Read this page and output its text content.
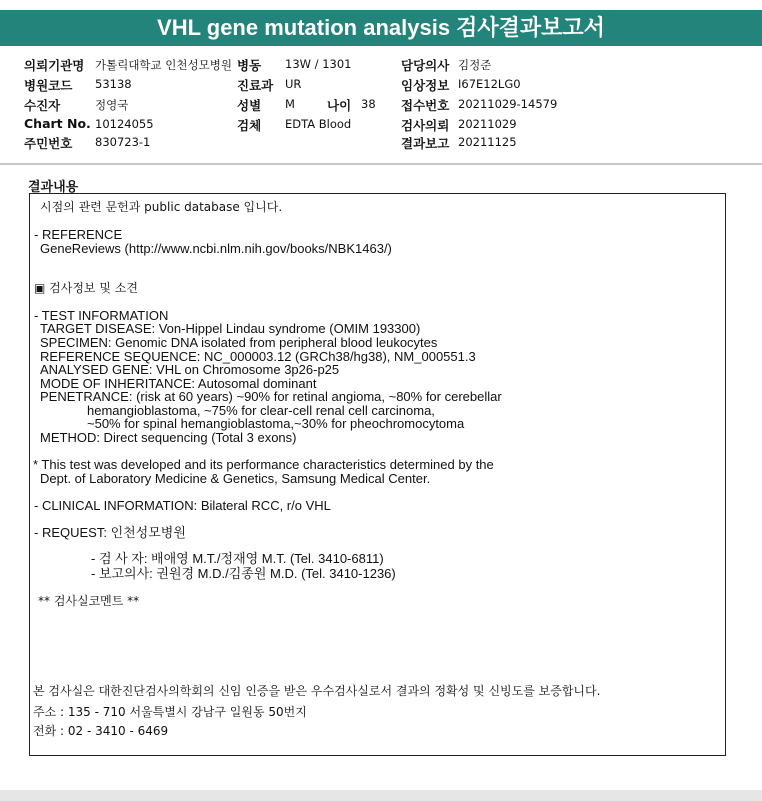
VHL gene mutation analysis 검사결과보고서
의뢰기관명 가톨릭대학교 인천성모병원 병동 13W / 1301	담당의사 김정준
병원코드 53138	진료과 UR	임상정보 I67E12LG0
수진자	정영국	성별 M	나이 38 접수번호 20211029-14579
Chart No. 10124055	검체 EDTA Blood	검사의뢰 20211029
주민번호 830723-1	결과보고 20211125
결과내용
시점의 관련 문헌과 public database 입니다.
- REFERENCE
GeneReviews (http://www.ncbi.nlm.nih.gov/books/NBK1463/)
▣ 검사정보 및 소견
- TEST INFORMATION
TARGET DISEASE: Von-Hippel Lindau syndrome (OMIM 193300)
SPECIMEN: Genomic DNA isolated from peripheral blood leukocytes
REFERENCE SEQUENCE: NC_000003.12 (GRCh38/hg38), NM_000551.3
ANALYSED GENE: VHL on Chromosome 3p26-p25
MODE OF INHERITANCE: Autosomal dominant
PENETRANCE: (risk at 60 years) ~90% for retinal angioma, ~80% for cerebellar
hemangioblastoma, ~75% for clear-cell renal cell carcinoma,
~50% for spinal hemangioblastoma,~30% for pheochromocytoma
METHOD: Direct sequencing (Total 3 exons)
* This test was developed and its performance characteristics determined by the
Dept. of Laboratory Medicine & Genetics, Samsung Medical Center.
- CLINICAL INFORMATION: Bilateral RCC, r/o VHL
- REQUEST: 인천성모병원
- 검 사 자: 배애영 M.T./정재영 M.T. (Tel. 3410-6811)
- 보고의사: 권원경 M.D./김종원 M.D. (Tel. 3410-1236)
** 검사실코멘트 **
본 검사실은 대한진단검사의학회의 신임 인증을 받은 우수검사실로서 결과의 정확성 및 신빙도를 보증합니다.
주소 : 135 - 710 서울특별시 강남구 일원동 50번지
전화 : 02 - 3410 - 6469
